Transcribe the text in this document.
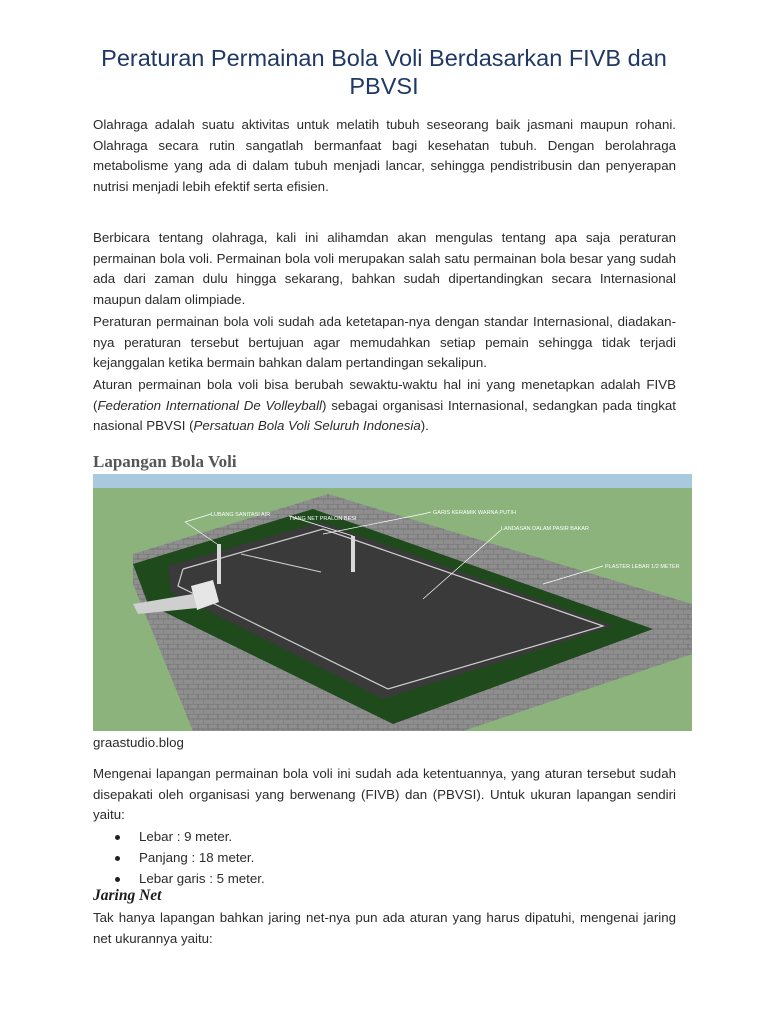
Peraturan Permainan Bola Voli Berdasarkan FIVB dan PBVSI

Olahraga adalah suatu aktivitas untuk melatih tubuh seseorang baik jasmani maupun rohani. Olahraga secara rutin sangatlah bermanfaat bagi kesehatan tubuh. Dengan berolahraga metabolisme yang ada di dalam tubuh menjadi lancar, sehingga pendistribusin dan penyerapan nutrisi menjadi lebih efektif serta efisien.

Berbicara tentang olahraga, kali ini alihamdan akan mengulas tentang apa saja peraturan permainan bola voli. Permainan bola voli merupakan salah satu permainan bola besar yang sudah ada dari zaman dulu hingga sekarang, bahkan sudah dipertandingkan secara Internasional maupun dalam olimpiade.

Peraturan permainan bola voli sudah ada ketetapan-nya dengan standar Internasional, diadakan-nya peraturan tersebut bertujuan agar memudahkan setiap pemain sehingga tidak terjadi kejanggalan ketika bermain bahkan dalam pertandingan sekalipun.

Aturan permainan bola voli bisa berubah sewaktu-waktu hal ini yang menetapkan adalah FIVB (Federation International De Volleyball) sebagai organisasi Internasional, sedangkan pada tingkat nasional PBVSI (Persatuan Bola Voli Seluruh Indonesia).

Lapangan Bola Voli
LUBANG SANITASI AIR
TIANG NET PRALON BESI
GARIS KERAMIK WARNA PUTIH
LANDASAN DALAM PASIR BAKAR
PLASTER LEBAR 1/2 METER
graastudio.blog

Mengenai lapangan permainan bola voli ini sudah ada ketentuannya, yang aturan tersebut sudah disepakati oleh organisasi yang berwenang (FIVB) dan (PBVSI). Untuk ukuran lapangan sendiri yaitu:

Lebar : 9 meter.
Panjang : 18 meter.
Lebar garis : 5 meter.
Jaring Net

Tak hanya lapangan bahkan jaring net-nya pun ada aturan yang harus dipatuhi, mengenai jaring net ukurannya yaitu:
